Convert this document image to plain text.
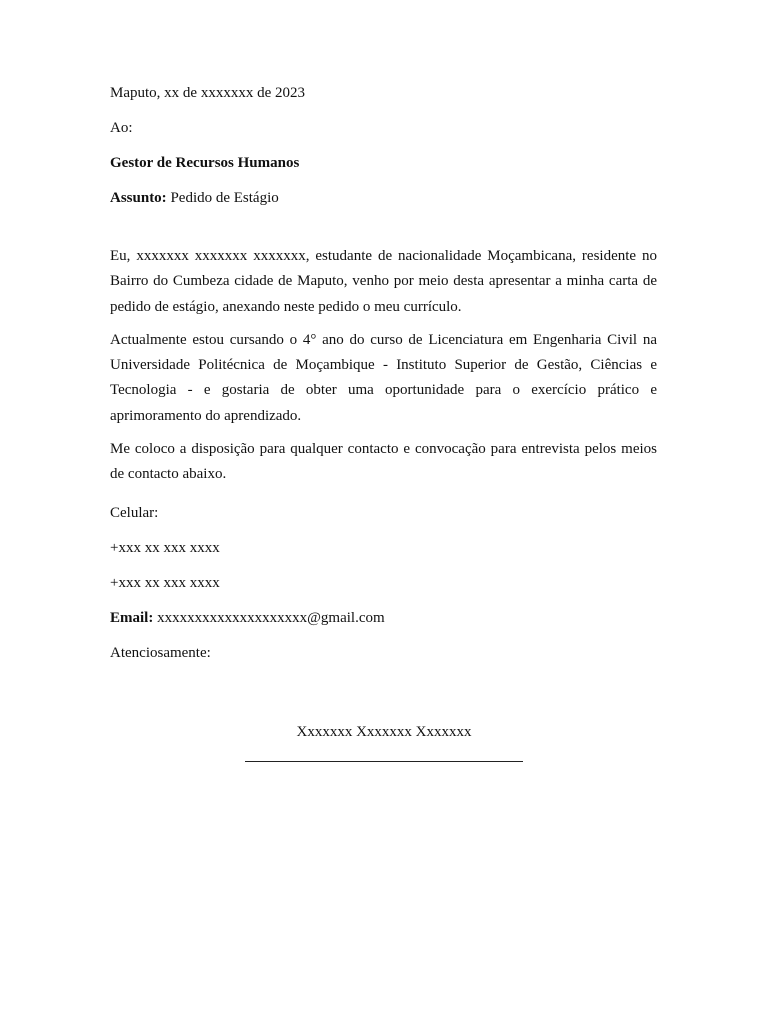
Maputo, xx de xxxxxxx de 2023
Ao:
Gestor de Recursos Humanos
Assunto: Pedido de Estágio

Eu, xxxxxxx xxxxxxx xxxxxxx, estudante de nacionalidade Moçambicana, residente no Bairro do Cumbeza cidade de Maputo, venho por meio desta apresentar a minha carta de pedido de estágio, anexando neste pedido o meu currículo.

Actualmente estou cursando o 4° ano do curso de Licenciatura em Engenharia Civil na Universidade Politécnica de Moçambique - Instituto Superior de Gestão, Ciências e Tecnologia - e gostaria de obter uma oportunidade para o exercício prático e aprimoramento do aprendizado.

Me coloco a disposição para qualquer contacto e convocação para entrevista pelos meios de contacto abaixo.

Celular:
+xxx xx xxx xxxx
+xxx xx xxx xxxx
Email: xxxxxxxxxxxxxxxxxxxx@gmail.com
Atenciosamente:
Xxxxxxx Xxxxxxx Xxxxxxx
